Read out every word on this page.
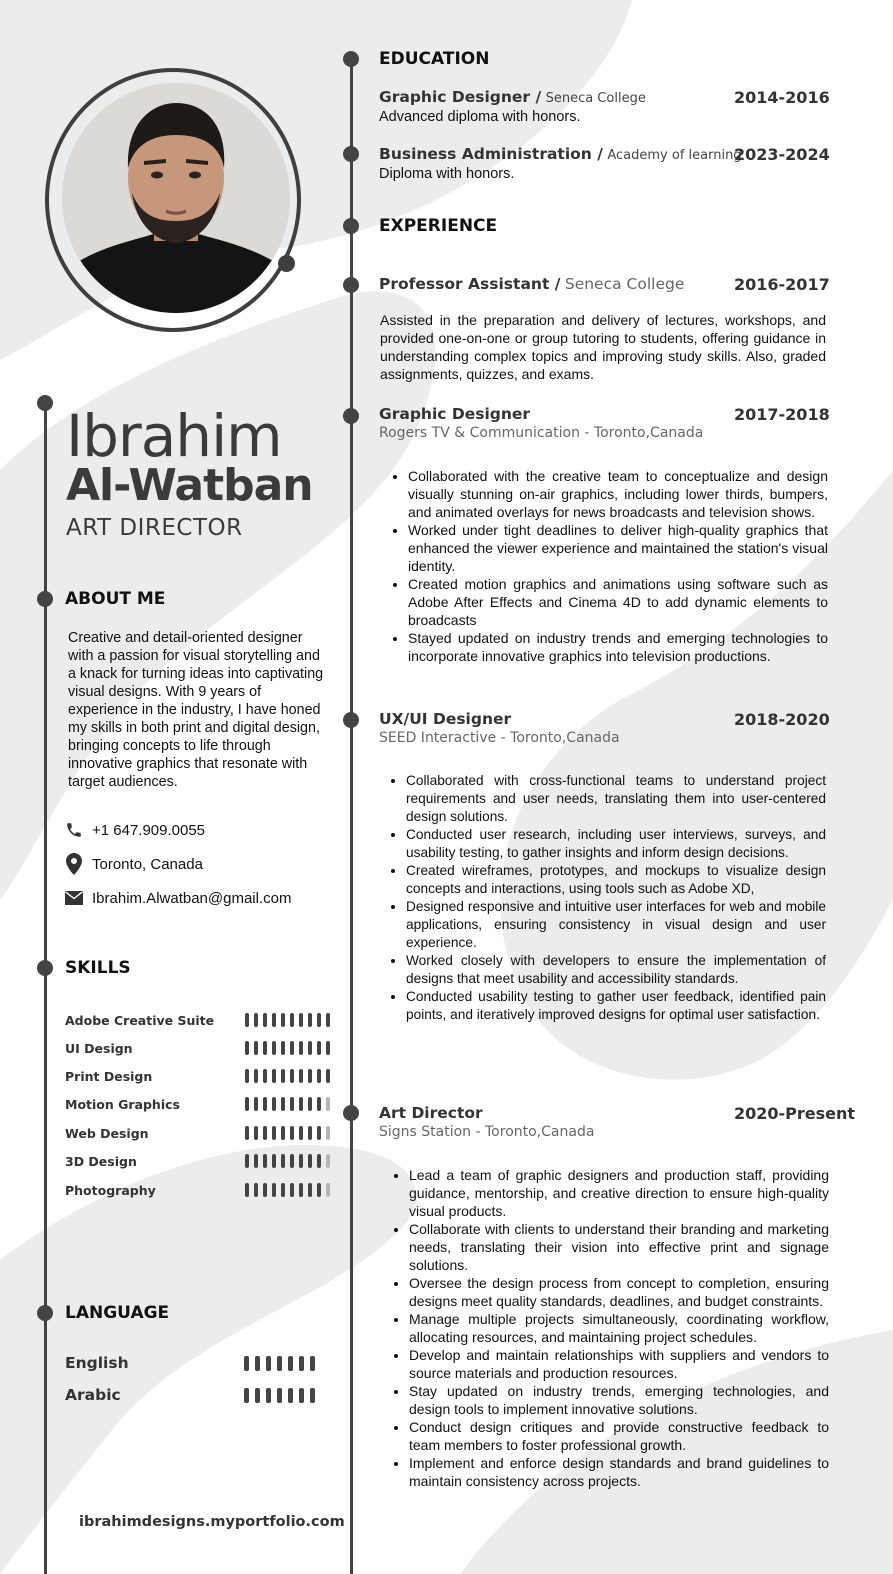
Ibrahim
Al-Watban
ART DIRECTOR
ABOUT ME
Creative and detail-oriented designer with a passion for visual storytelling and a knack for turning ideas into captivating visual designs. With 9 years of experience in the industry, I have honed my skills in both print and digital design, bringing concepts to life through innovative graphics that resonate with target audiences.
+1 647.909.0055
Toronto, Canada
Ibrahim.Alwatban@gmail.com
SKILLS
Adobe Creative Suite
UI Design
Print Design
Motion Graphics
Web Design
3D Design
Photography
LANGUAGE
English
Arabic
ibrahimdesigns.myportfolio.com
EDUCATION
Graphic Designer / Seneca College	2014-2016
Advanced diploma with honors.
Business Administration / Academy of learning
2023-2024
Diploma with honors.
EXPERIENCE
Professor Assistant / Seneca College	2016-2017
Assisted in the preparation and delivery of lectures, workshops, and provided one-on-one or group tutoring to students, offering guidance in understanding complex topics and improving study skills. Also, graded assignments, quizzes, and exams.
Graphic Designer
Rogers TV & Communication - Toronto,Canada
2017-2018
• Collaborated with the creative team to conceptualize and design visually stunning on-air graphics, including lower thirds, bumpers, and animated overlays for news broadcasts and television shows.
• Worked under tight deadlines to deliver high-quality graphics that enhanced the viewer experience and maintained the station's visual identity.
• Created motion graphics and animations using software such as Adobe After Effects and Cinema 4D to add dynamic elements to broadcasts
• Stayed updated on industry trends and emerging technologies to incorporate innovative graphics into television productions.
UX/UI Designer
SEED Interactive - Toronto,Canada
2018-2020
• Collaborated with cross-functional teams to understand project requirements and user needs, translating them into user-centered design solutions.
• Conducted user research, including user interviews, surveys, and usability testing, to gather insights and inform design decisions.
• Created wireframes, prototypes, and mockups to visualize design concepts and interactions, using tools such as Adobe XD,
• Designed responsive and intuitive user interfaces for web and mobile applications, ensuring consistency in visual design and user experience.
• Worked closely with developers to ensure the implementation of designs that meet usability and accessibility standards.
• Conducted usability testing to gather user feedback, identified pain points, and iteratively improved designs for optimal user satisfaction.
Art Director
Signs Station - Toronto,Canada
2020-Present
• Lead a team of graphic designers and production staff, providing guidance, mentorship, and creative direction to ensure high-quality visual products.
• Collaborate with clients to understand their branding and marketing needs, translating their vision into effective print and signage solutions.
• Oversee the design process from concept to completion, ensuring designs meet quality standards, deadlines, and budget constraints.
• Manage multiple projects simultaneously, coordinating workflow, allocating resources, and maintaining project schedules.
• Develop and maintain relationships with suppliers and vendors to source materials and production resources.
• Stay updated on industry trends, emerging technologies, and design tools to implement innovative solutions.
• Conduct design critiques and provide constructive feedback to team members to foster professional growth.
• Implement and enforce design standards and brand guidelines to maintain consistency across projects.
